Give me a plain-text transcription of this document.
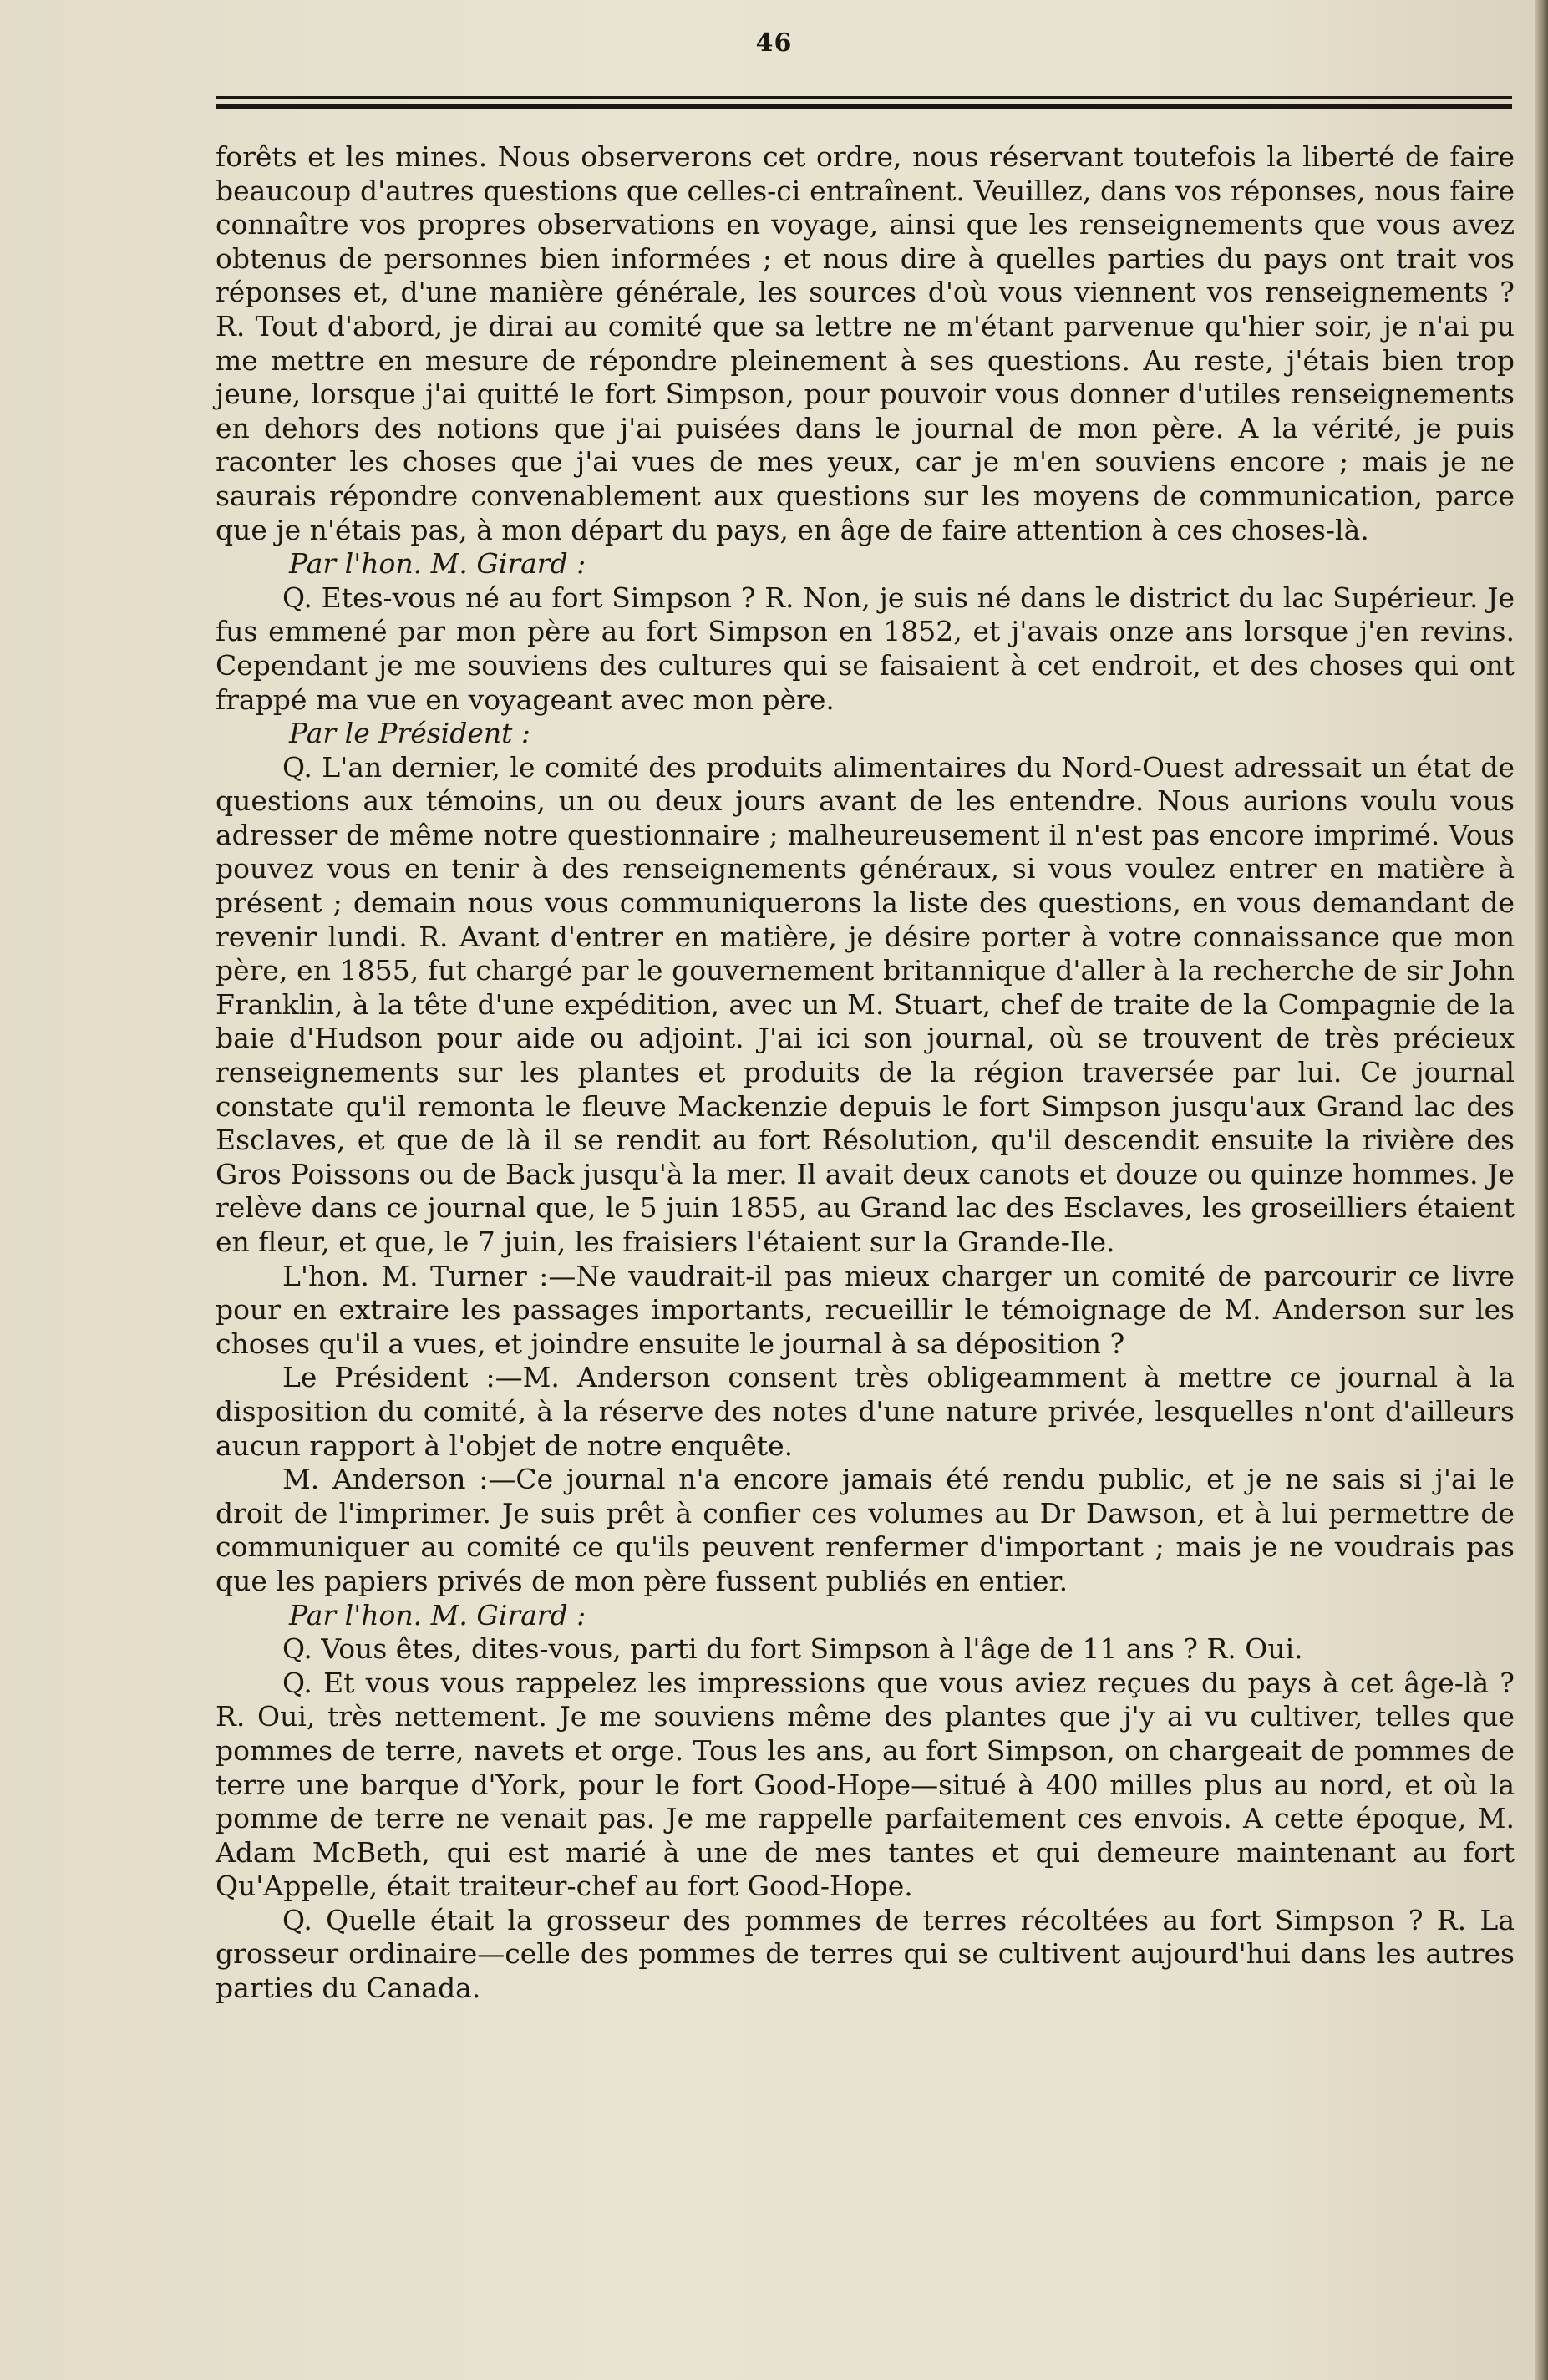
46

forêts et les mines. Nous observerons cet ordre, nous réservant toutefois la liberté de faire beaucoup d'autres questions que celles-ci entraînent. Veuillez, dans vos réponses, nous faire connaître vos propres observations en voyage, ainsi que les renseignements que vous avez obtenus de personnes bien informées ; et nous dire à quelles parties du pays ont trait vos réponses et, d'une manière générale, les sources d'où vous viennent vos renseignements ? R. Tout d'abord, je dirai au comité que sa lettre ne m'étant parvenue qu'hier soir, je n'ai pu me mettre en mesure de répondre pleinement à ses questions. Au reste, j'étais bien trop jeune, lorsque j'ai quitté le fort Simpson, pour pouvoir vous donner d'utiles renseignements en dehors des notions que j'ai puisées dans le journal de mon père. A la vérité, je puis raconter les choses que j'ai vues de mes yeux, car je m'en souviens encore ; mais je ne saurais répondre convenablement aux questions sur les moyens de communication, parce que je n'étais pas, à mon départ du pays, en âge de faire attention à ces choses-là.

Par l'hon. M. Girard :

Q. Etes-vous né au fort Simpson ? R. Non, je suis né dans le district du lac Supérieur. Je fus emmené par mon père au fort Simpson en 1852, et j'avais onze ans lorsque j'en revins. Cependant je me souviens des cultures qui se faisaient à cet endroit, et des choses qui ont frappé ma vue en voyageant avec mon père.

Par le Président :

Q. L'an dernier, le comité des produits alimentaires du Nord-Ouest adressait un état de questions aux témoins, un ou deux jours avant de les entendre. Nous aurions voulu vous adresser de même notre questionnaire ; malheureusement il n'est pas encore imprimé. Vous pouvez vous en tenir à des renseignements généraux, si vous voulez entrer en matière à présent ; demain nous vous communiquerons la liste des questions, en vous demandant de revenir lundi. R. Avant d'entrer en matière, je désire porter à votre connaissance que mon père, en 1855, fut chargé par le gouvernement britannique d'aller à la recherche de sir John Franklin, à la tête d'une expédition, avec un M. Stuart, chef de traite de la Compagnie de la baie d'Hudson pour aide ou adjoint. J'ai ici son journal, où se trouvent de très précieux renseignements sur les plantes et produits de la région traversée par lui. Ce journal constate qu'il remonta le fleuve Mackenzie depuis le fort Simpson jusqu'aux Grand lac des Esclaves, et que de là il se rendit au fort Résolution, qu'il descendit ensuite la rivière des Gros Poissons ou de Back jusqu'à la mer. Il avait deux canots et douze ou quinze hommes. Je relève dans ce journal que, le 5 juin 1855, au Grand lac des Esclaves, les groseilliers étaient en fleur, et que, le 7 juin, les fraisiers l'étaient sur la Grande-Ile.

L'hon. M. Turner :—Ne vaudrait-il pas mieux charger un comité de parcourir ce livre pour en extraire les passages importants, recueillir le témoignage de M. Anderson sur les choses qu'il a vues, et joindre ensuite le journal à sa déposition ?

Le Président :—M. Anderson consent très obligeamment à mettre ce journal à la disposition du comité, à la réserve des notes d'une nature privée, lesquelles n'ont d'ailleurs aucun rapport à l'objet de notre enquête.

M. Anderson :—Ce journal n'a encore jamais été rendu public, et je ne sais si j'ai le droit de l'imprimer. Je suis prêt à confier ces volumes au Dr Dawson, et à lui permettre de communiquer au comité ce qu'ils peuvent renfermer d'important ; mais je ne voudrais pas que les papiers privés de mon père fussent publiés en entier.

Par l'hon. M. Girard :

Q. Vous êtes, dites-vous, parti du fort Simpson à l'âge de 11 ans ? R. Oui.

Q. Et vous vous rappelez les impressions que vous aviez reçues du pays à cet âge-là ? R. Oui, très nettement. Je me souviens même des plantes que j'y ai vu cultiver, telles que pommes de terre, navets et orge. Tous les ans, au fort Simpson, on chargeait de pommes de terre une barque d'York, pour le fort Good-Hope—situé à 400 milles plus au nord, et où la pomme de terre ne venait pas. Je me rappelle parfaitement ces envois. A cette époque, M. Adam McBeth, qui est marié à une de mes tantes et qui demeure maintenant au fort Qu'Appelle, était traiteur-chef au fort Good-Hope.

Q. Quelle était la grosseur des pommes de terres récoltées au fort Simpson ? R. La grosseur ordinaire—celle des pommes de terres qui se cultivent aujourd'hui dans les autres parties du Canada.
